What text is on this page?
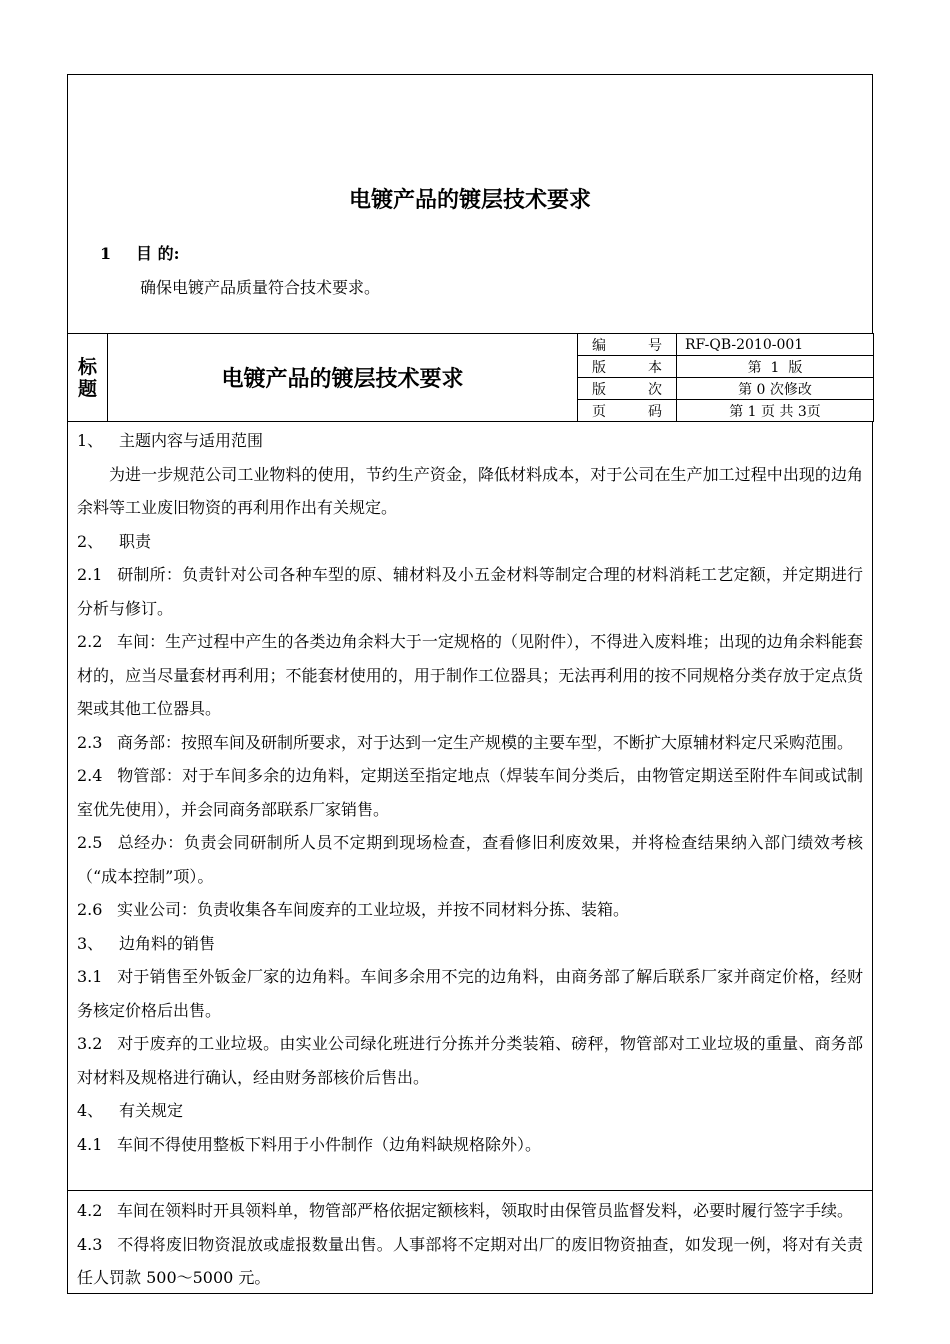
电镀产品的镀层技术要求
1 目 的:
确保电镀产品质量符合技术要求。
标题	电镀产品的镀层技术要求	编号	RF-QB-2010-001
		版本	第  1  版
		版次	第 0 次修改
		页码	第 1 页 共 3页

1、 主题内容与适用范围

为进一步规范公司工业物料的使用，节约生产资金，降低材料成本，对于公司在生产加工过程中出现的边角余料等工业废旧物资的再利用作出有关规定。

2、 职责

2.1 研制所：负责针对公司各种车型的原、辅材料及小五金材料等制定合理的材料消耗工艺定额，并定期进行分析与修订。

2.2 车间：生产过程中产生的各类边角余料大于一定规格的（见附件），不得进入废料堆；出现的边角余料能套材的，应当尽量套材再利用；不能套材使用的，用于制作工位器具；无法再利用的按不同规格分类存放于定点货架或其他工位器具。

2.3 商务部：按照车间及研制所要求，对于达到一定生产规模的主要车型，不断扩大原辅材料定尺采购范围。

2.4 物管部：对于车间多余的边角料，定期送至指定地点（焊装车间分类后，由物管定期送至附件车间或试制室优先使用），并会同商务部联系厂家销售。

2.5 总经办：负责会同研制所人员不定期到现场检查，查看修旧利废效果，并将检查结果纳入部门绩效考核（“成本控制”项）。

2.6 实业公司：负责收集各车间废弃的工业垃圾，并按不同材料分拣、装箱。

3、 边角料的销售

3.1 对于销售至外钣金厂家的边角料。车间多余用不完的边角料，由商务部了解后联系厂家并商定价格，经财务核定价格后出售。

3.2 对于废弃的工业垃圾。由实业公司绿化班进行分拣并分类装箱、磅秤，物管部对工业垃圾的重量、商务部对材料及规格进行确认，经由财务部核价后售出。

4、 有关规定

4.1 车间不得使用整板下料用于小件制作（边角料缺规格除外）。

4.2 车间在领料时开具领料单，物管部严格依据定额核料，领取时由保管员监督发料，必要时履行签字手续。

4.3 不得将废旧物资混放或虚报数量出售。人事部将不定期对出厂的废旧物资抽查，如发现一例，将对有关责任人罚款 500～5000 元。
